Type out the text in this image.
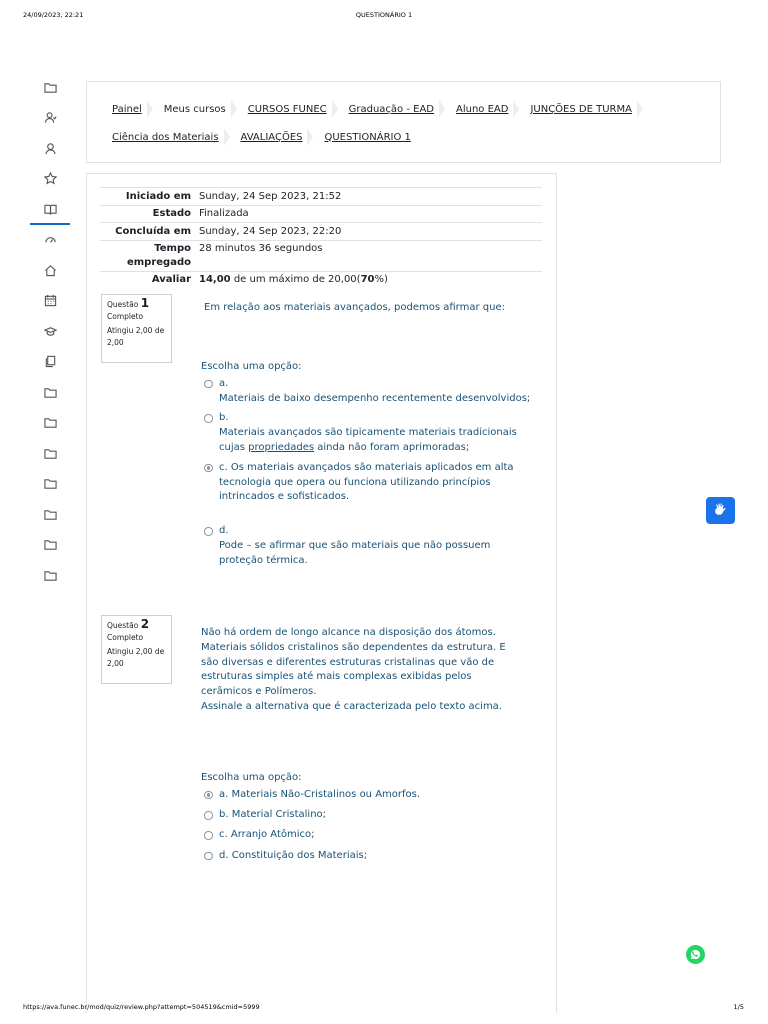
24/09/2023, 22:21	QUESTIONÁRIO 1
Painel Meus cursos CURSOS FUNEC Graduação - EAD Aluno EAD JUNÇÕES DE TURMA
Ciência dos Materiais AVALIAÇÕES QUESTIONÁRIO 1
Iniciado em Sunday, 24 Sep 2023, 21:52
Estado Finalizada
Concluída em Sunday, 24 Sep 2023, 22:20
Tempo empregado
28 minutos 36 segundos
Avaliar 14,00 de um máximo de 20,00(70%)
Questão 1
Completo
Atingiu 2,00 de 2,00

Em relação aos materiais avançados, podemos afirmar que:

Escolha uma opção:

a.
Materiais de baixo desempenho recentemente desenvolvidos;
b.
Materiais avançados são tipicamente materiais tradicionais cujas propriedades ainda não foram aprimoradas;
c. Os materiais avançados são materiais aplicados em alta tecnologia que opera ou funciona utilizando princípios intrincados e sofisticados.
d.
Pode – se afirmar que são materiais que não possuem proteção térmica.
Questão 2
Completo
Atingiu 2,00 de 2,00

Não há ordem de longo alcance na disposição dos átomos. Materiais sólidos cristalinos são dependentes da estrutura. E são diversas e diferentes estruturas cristalinas que vão de estruturas simples até mais complexas exibidas pelos cerâmicos e Polímeros.

Assinale a alternativa que é caracterizada pelo texto acima.

Escolha uma opção:

a. Materiais Não-Cristalinos ou Amorfos.
b. Material Cristalino;
c. Arranjo Atômico;
d. Constituição dos Materiais;
https://ava.funec.br/mod/quiz/review.php?attempt=504519&cmid=5999	1/5
